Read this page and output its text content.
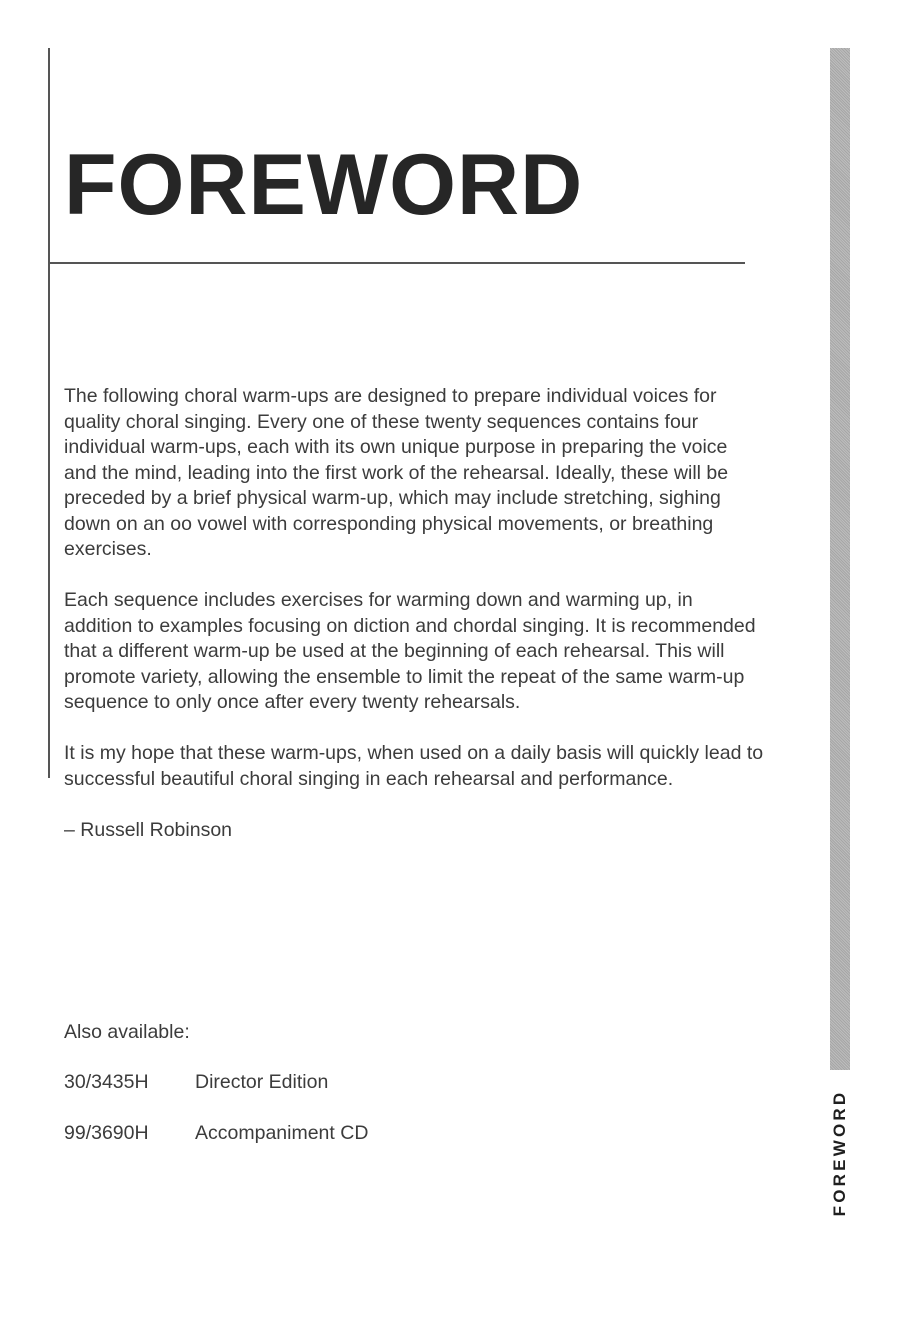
FOREWORD

The following choral warm-ups are designed to prepare individual voices for quality choral singing. Every one of these twenty sequences contains four individual warm-ups, each with its own unique purpose in preparing the voice and the mind, leading into the first work of the rehearsal. Ideally, these will be preceded by a brief physical warm-up, which may include stretching, sighing down on an oo vowel with corresponding physical movements, or breathing exercises.

Each sequence includes exercises for warming down and warming up, in addition to examples focusing on diction and chordal singing. It is recommended that a different warm-up be used at the beginning of each rehearsal. This will promote variety, allowing the ensemble to limit the repeat of the same warm-up sequence to only once after every twenty rehearsals.

It is my hope that these warm-ups, when used on a daily basis will quickly lead to successful beautiful choral singing in each rehearsal and performance.

– Russell Robinson

Also available:

30/3435H	Director Edition
99/3690H	Accompaniment CD	FOREWORD
